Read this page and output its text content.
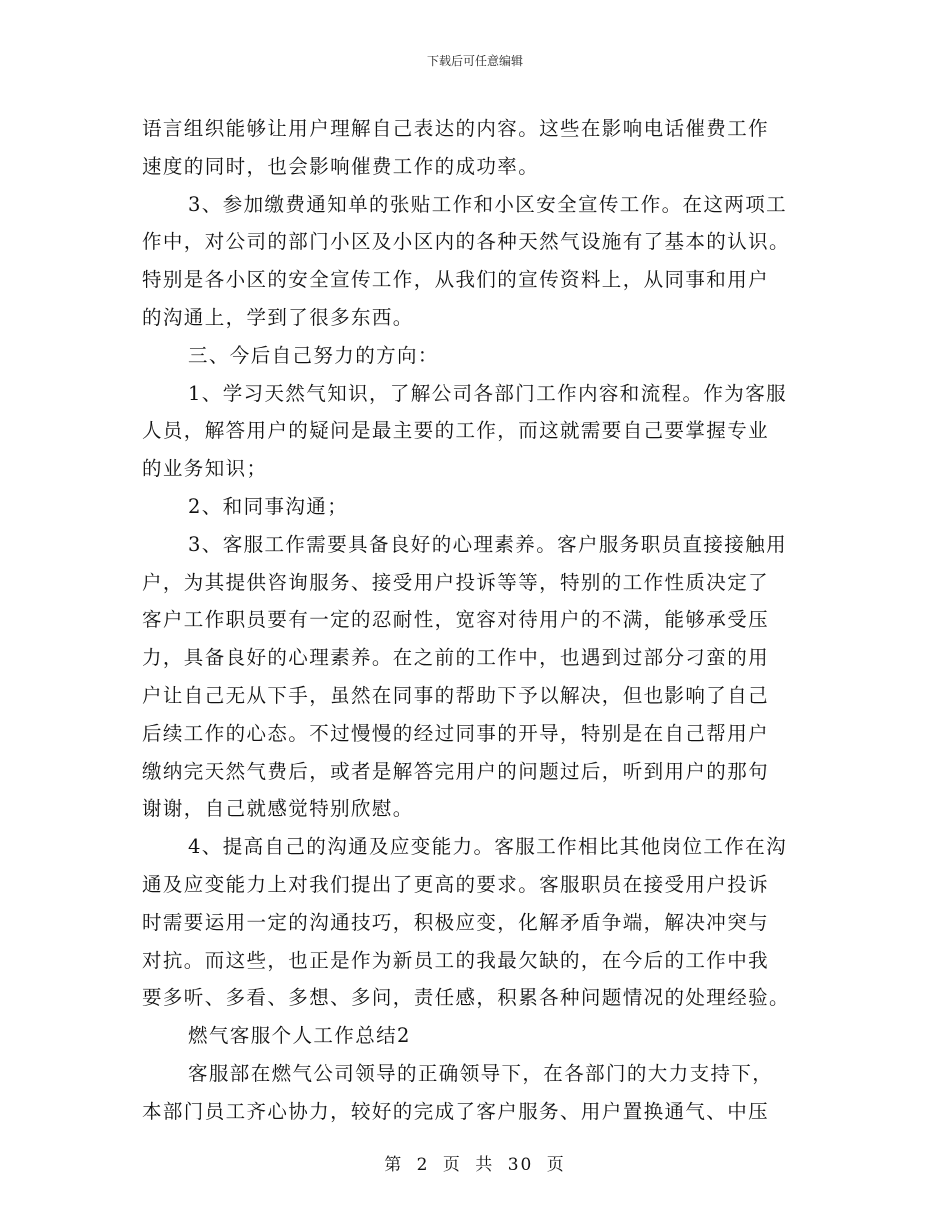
下载后可任意编辑

语言组织能够让用户理解自己表达的内容。这些在影响电话催费工作
速度的同时，也会影响催费工作的成功率。

3、参加缴费通知单的张贴工作和小区安全宣传工作。在这两项工
作中，对公司的部门小区及小区内的各种天然气设施有了基本的认识。
特别是各小区的安全宣传工作，从我们的宣传资料上，从同事和用户
的沟通上，学到了很多东西。

三、今后自己努力的方向：

1、学习天然气知识，了解公司各部门工作内容和流程。作为客服
人员，解答用户的疑问是最主要的工作，而这就需要自己要掌握专业
的业务知识；

2、和同事沟通；

3、客服工作需要具备良好的心理素养。客户服务职员直接接触用
户，为其提供咨询服务、接受用户投诉等等，特别的工作性质决定了
客户工作职员要有一定的忍耐性，宽容对待用户的不满，能够承受压
力，具备良好的心理素养。在之前的工作中，也遇到过部分刁蛮的用
户让自己无从下手，虽然在同事的帮助下予以解决，但也影响了自己
后续工作的心态。不过慢慢的经过同事的开导，特别是在自己帮用户
缴纳完天然气费后，或者是解答完用户的问题过后，听到用户的那句
谢谢，自己就感觉特别欣慰。

4、提高自己的沟通及应变能力。客服工作相比其他岗位工作在沟
通及应变能力上对我们提出了更高的要求。客服职员在接受用户投诉
时需要运用一定的沟通技巧，积极应变，化解矛盾争端，解决冲突与
对抗。而这些，也正是作为新员工的我最欠缺的，在今后的工作中我
要多听、多看、多想、多问，责任感，积累各种问题情况的处理经验。

燃气客服个人工作总结2

客服部在燃气公司领导的正确领导下，在各部门的大力支持下，
本部门员工齐心协力，较好的完成了客户服务、用户置换通气、中压

第 2 页 共 30 页
